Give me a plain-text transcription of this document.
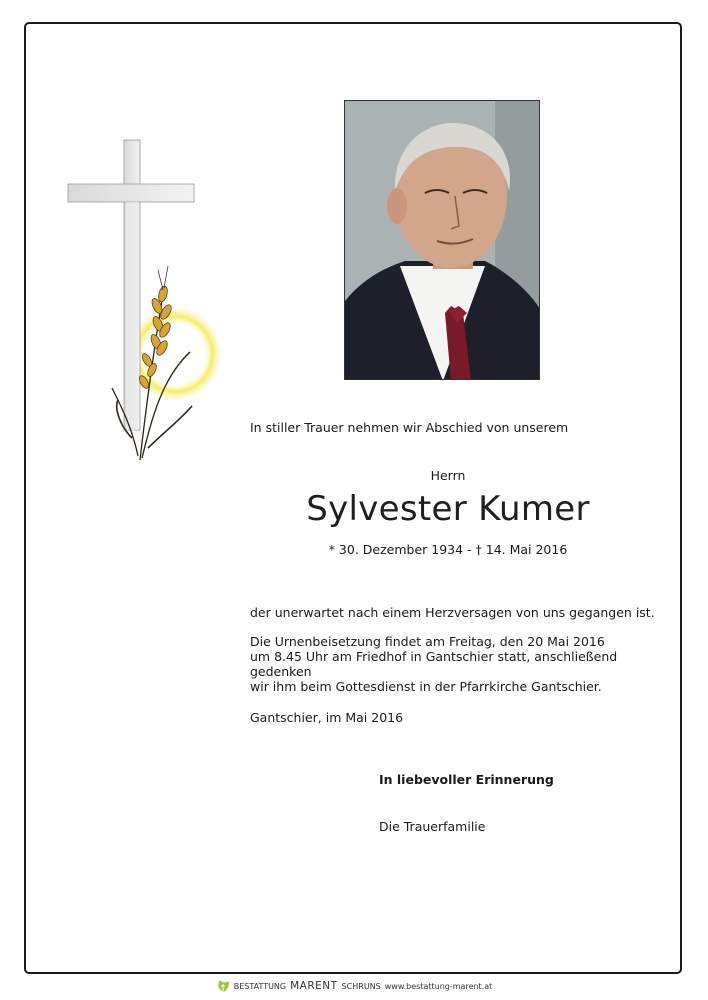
In stiller Trauer nehmen wir Abschied von unserem
Herrn
Sylvester Kumer
* 30. Dezember 1934 - † 14. Mai 2016
der unerwartet nach einem Herzversagen von uns gegangen ist.
Die Urnenbeisetzung findet am Freitag, den 20 Mai 2016
um 8.45 Uhr am Friedhof in Gantschier statt, anschließend gedenken
wir ihm beim Gottesdienst in der Pfarrkirche Gantschier.
Gantschier, im Mai 2016
In liebevoller Erinnerung
Die Trauerfamilie
BESTATTUNG MARENT SCHRUNS www.bestattung-marent.at
